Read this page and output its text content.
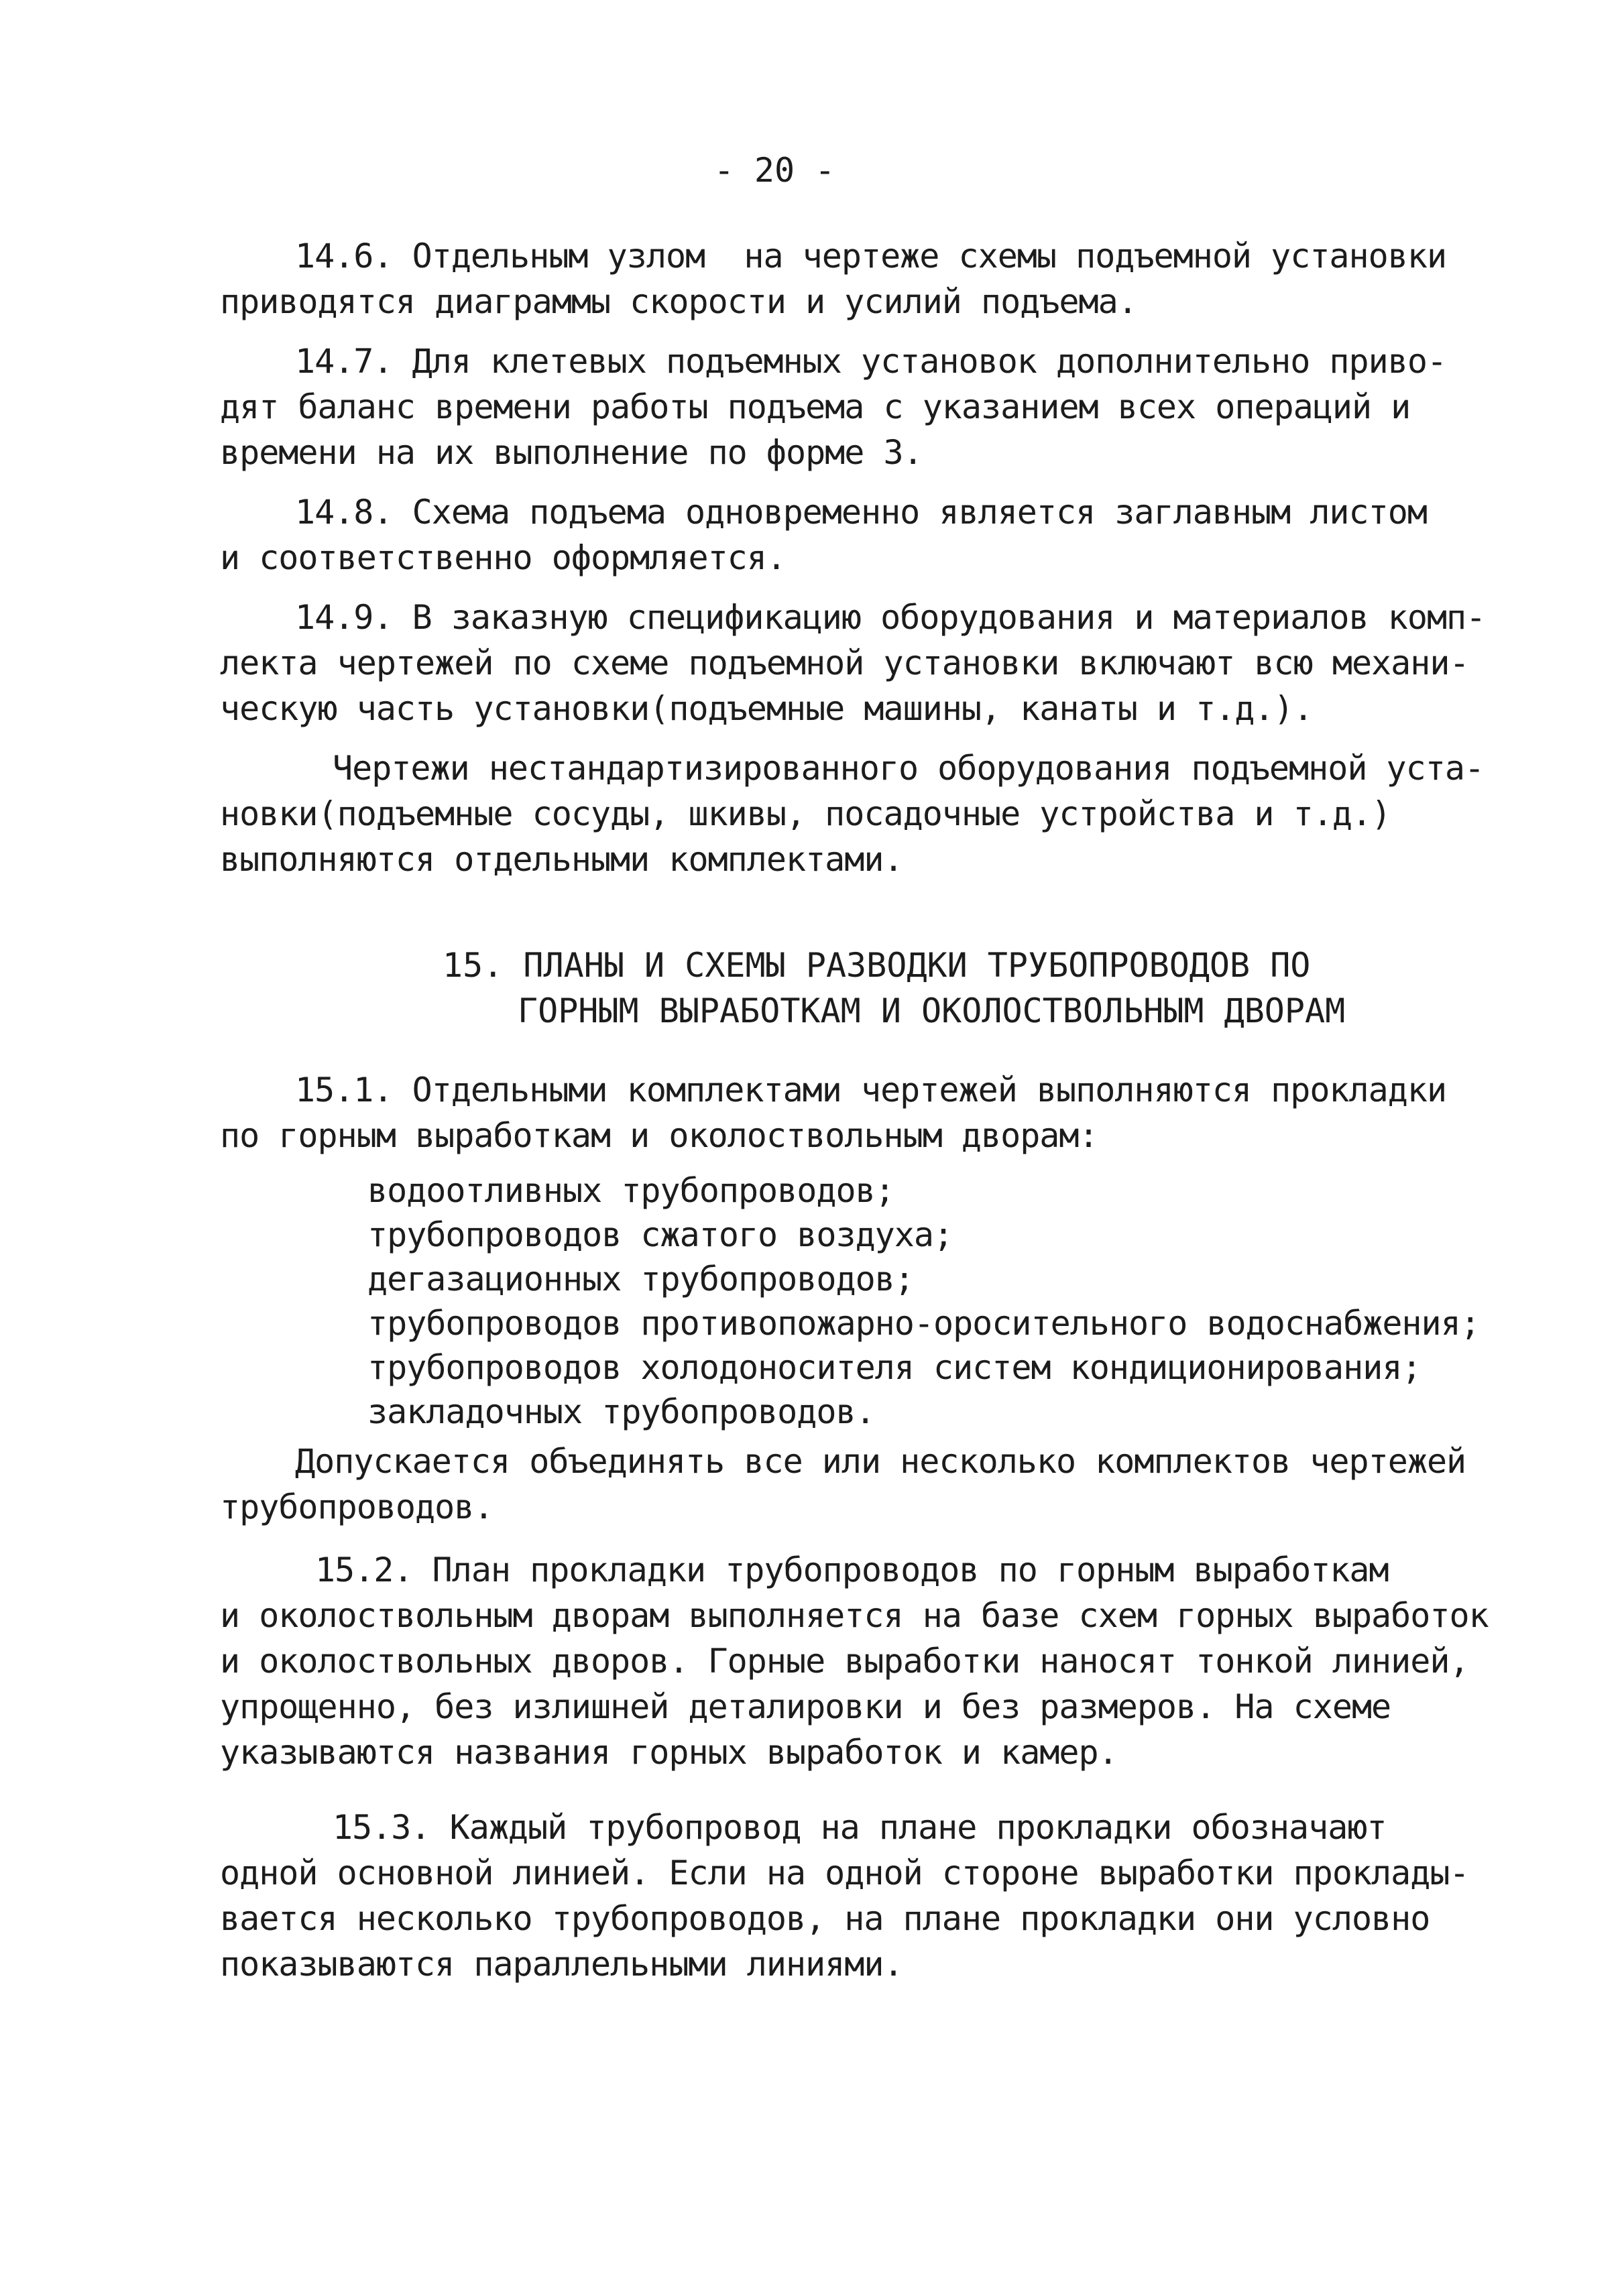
- 20 -
14.6. Отдельным узлом  на чертеже схемы подъемной установки
приводятся диаграммы скорости и усилий подъема.
14.7. Для клетевых подъемных установок дополнительно приво-
дят баланс времени работы подъема с указанием всех операций и
времени на их выполнение по форме 3.
14.8. Схема подъема одновременно является заглавным листом
и соответственно оформляется.
14.9. В заказную спецификацию оборудования и материалов комп-
лекта чертежей по схеме подъемной установки включают всю механи-
ческую часть установки(подъемные машины, канаты и т.д.).
Чертежи нестандартизированного оборудования подъемной уста-
новки(подъемные сосуды, шкивы, посадочные устройства и т.д.)
выполняются отдельными комплектами.
15. ПЛАНЫ И СХЕМЫ РАЗВОДКИ ТРУБОПРОВОДОВ ПО
ГОРНЫМ ВЫРАБОТКАМ И ОКОЛОСТВОЛЬНЫМ ДВОРАМ
15.1. Отдельными комплектами чертежей выполняются прокладки
по горным выработкам и околоствольным дворам:
водоотливных трубопроводов;
трубопроводов сжатого воздуха;
дегазационных трубопроводов;
трубопроводов противопожарно-оросительного водоснабжения;
трубопроводов холодоносителя систем кондиционирования;
закладочных трубопроводов.
Допускается объединять все или несколько комплектов чертежей
трубопроводов.
15.2. План прокладки трубопроводов по горным выработкам
и околоствольным дворам выполняется на базе схем горных выработок
и околоствольных дворов. Горные выработки наносят тонкой линией,
упрощенно, без излишней деталировки и без размеров. На схеме
указываются названия горных выработок и камер.
15.3. Каждый трубопровод на плане прокладки обозначают
одной основной линией. Если на одной стороне выработки проклады-
вается несколько трубопроводов, на плане прокладки они условно
показываются параллельными линиями.
